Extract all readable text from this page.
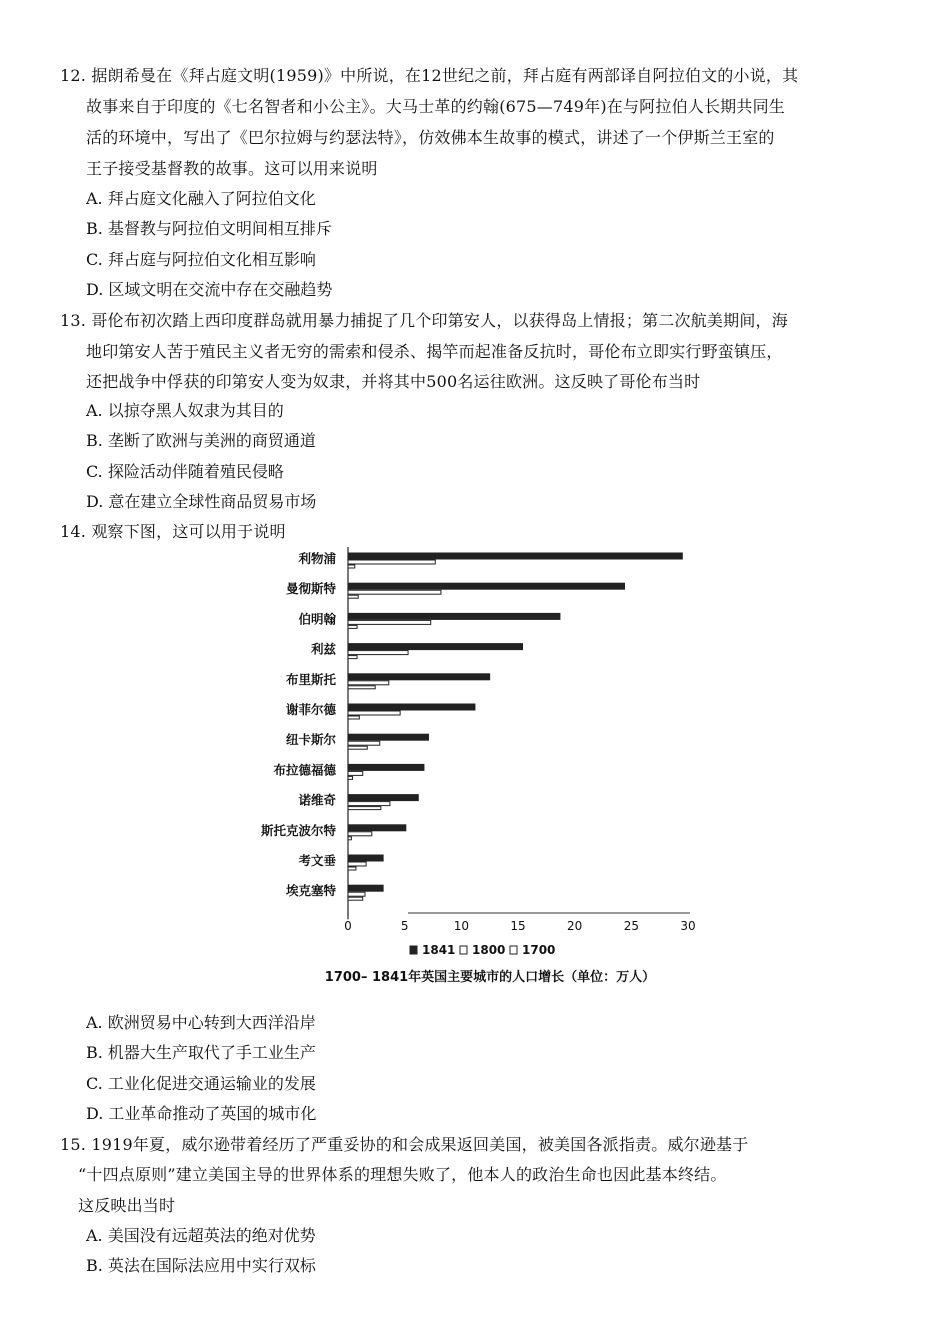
12. 据朗希曼在《拜占庭文明(1959)》中所说，在12世纪之前，拜占庭有两部译自阿拉伯文的小说，其
故事来自于印度的《七名智者和小公主》。大马士革的约翰(675—749年)在与阿拉伯人长期共同生
活的环境中，写出了《巴尔拉姆与约瑟法特》，仿效佛本生故事的模式，讲述了一个伊斯兰王室的
王子接受基督教的故事。这可以用来说明
A. 拜占庭文化融入了阿拉伯文化
B. 基督教与阿拉伯文明间相互排斥
C. 拜占庭与阿拉伯文化相互影响
D. 区域文明在交流中存在交融趋势
13. 哥伦布初次踏上西印度群岛就用暴力捕捉了几个印第安人，以获得岛上情报；第二次航美期间，海
地印第安人苦于殖民主义者无穷的需索和侵杀、揭竿而起准备反抗时，哥伦布立即实行野蛮镇压，
还把战争中俘获的印第安人变为奴隶，并将其中500名运往欧洲。这反映了哥伦布当时
A. 以掠夺黑人奴隶为其目的
B. 垄断了欧洲与美洲的商贸通道
C. 探险活动伴随着殖民侵略
D. 意在建立全球性商品贸易市场
14. 观察下图，这可以用于说明
利物浦
曼彻斯特
伯明翰
利兹
布里斯托
谢菲尔德
纽卡斯尔
布拉德福德
诺维奇
斯托克波尔特
考文垂
埃克塞特
0	5	10	15	20	25	30
1841 1800 1700
1700– 1841年英国主要城市的人口增长（单位：万人）
A. 欧洲贸易中心转到大西洋沿岸
B. 机器大生产取代了手工业生产
C. 工业化促进交通运输业的发展
D. 工业革命推动了英国的城市化
15. 1919年夏，威尔逊带着经历了严重妥协的和会成果返回美国，被美国各派指责。威尔逊基于
“十四点原则”建立美国主导的世界体系的理想失败了，他本人的政治生命也因此基本终结。
这反映出当时
A. 美国没有远超英法的绝对优势
B. 英法在国际法应用中实行双标
